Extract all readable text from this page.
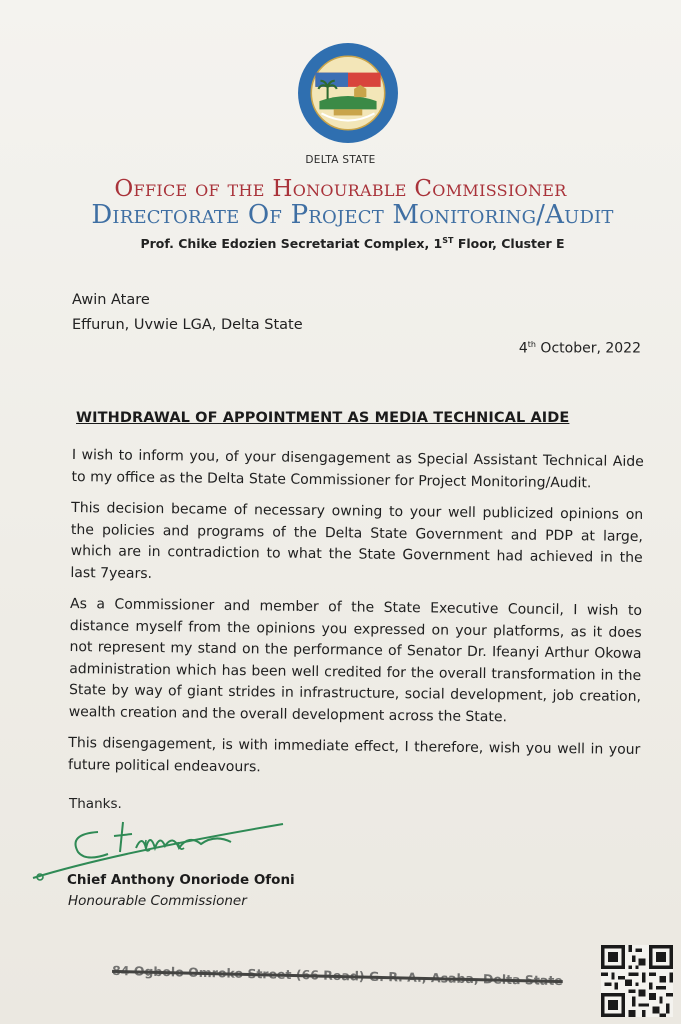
DELTA STATE
Office of the Honourable Commissioner
Directorate Of Project Monitoring/Audit
Prof. Chike Edozien Secretariat Complex, 1ST Floor, Cluster E
Awin Atare
Effurun, Uvwie LGA, Delta State
4th October, 2022
WITHDRAWAL OF APPOINTMENT AS MEDIA TECHNICAL AIDE

I wish to inform you, of your disengagement as Special Assistant Technical Aide to my office as the Delta State Commissioner for Project Monitoring/Audit.

This decision became of necessary owning to your well publicized opinions on the policies and programs of the Delta State Government and PDP at large, which are in contradiction to what the State Government had achieved in the last 7years.

As a Commissioner and member of the State Executive Council, I wish to distance myself from the opinions you expressed on your platforms, as it does not represent my stand on the performance of Senator Dr. Ifeanyi Arthur Okowa administration which has been well credited for the overall transformation in the State by way of giant strides in infrastructure, social development, job creation, wealth creation and the overall development across the State.

This disengagement, is with immediate effect, I therefore, wish you well in your future political endeavours.

Thanks.
Chief Anthony Onoriode Ofoni
Honourable Commissioner
84 Ogbolo Omroko Street (66 Road) G. R. A., Asaba, Delta State
